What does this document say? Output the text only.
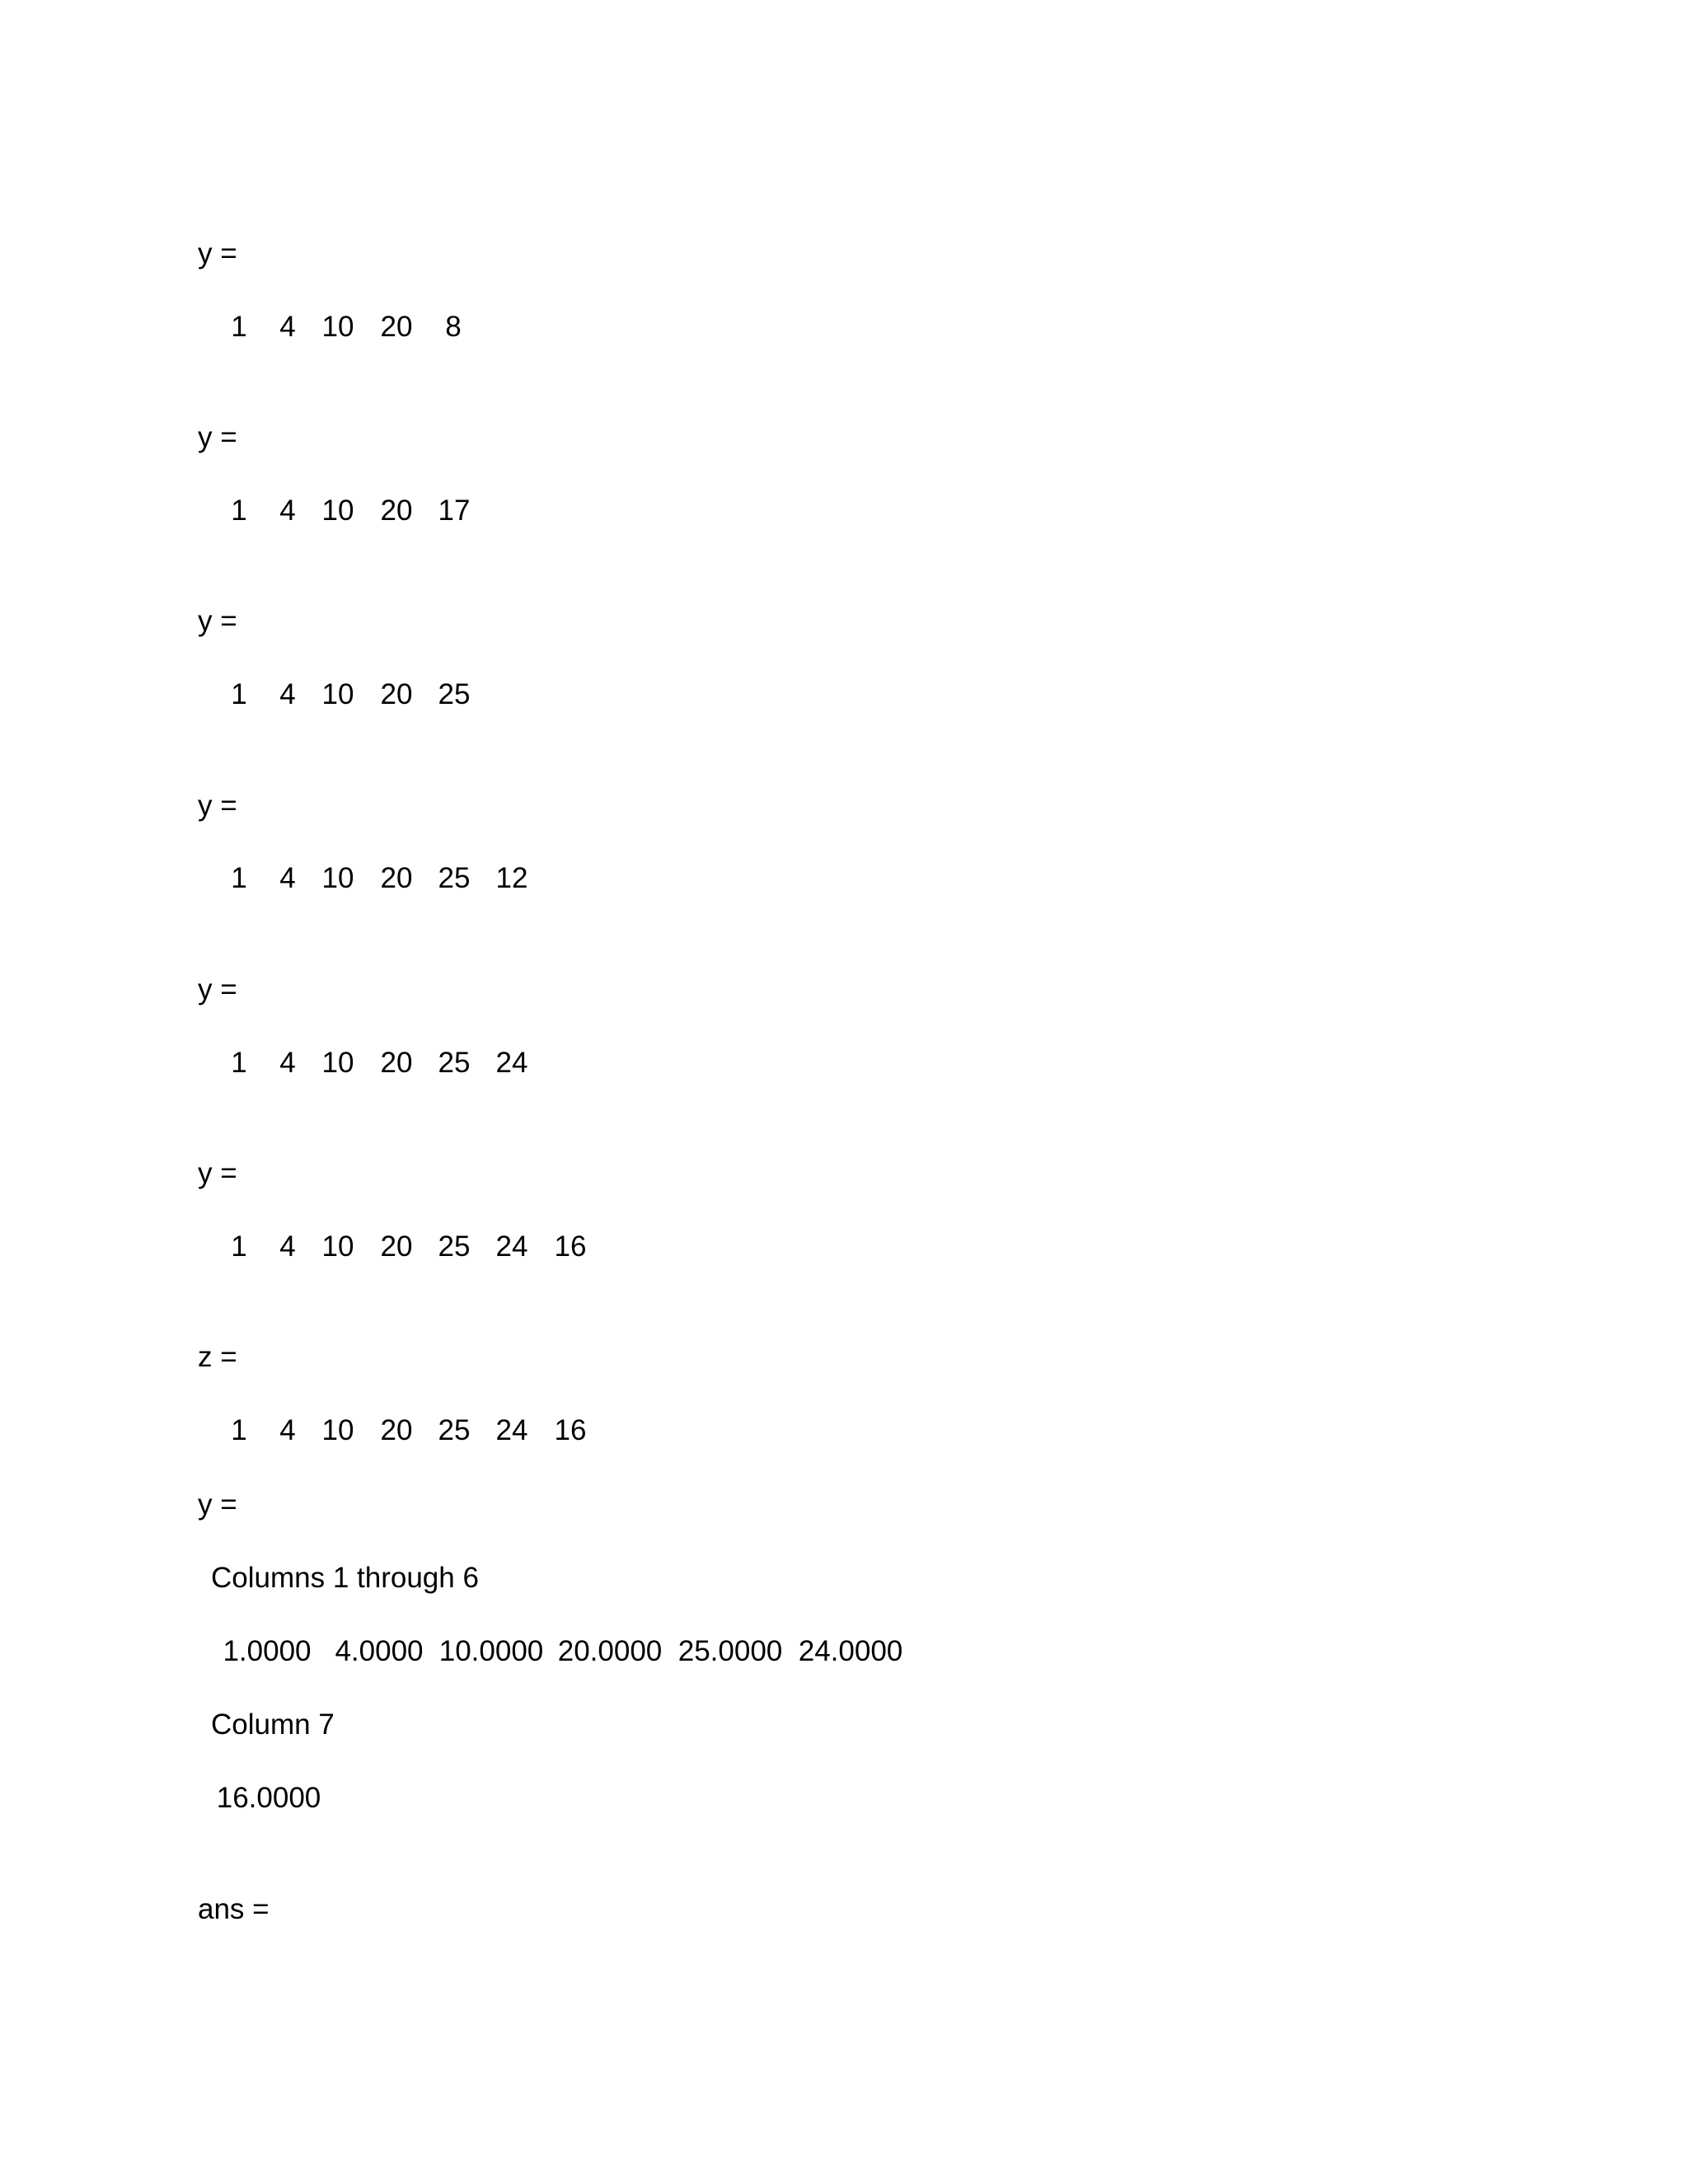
y =
1 4 10 20 8
y =
1 4 10 20 17
y =
1 4 10 20 25
y =
1 4 10 20 25 12
y =
1 4 10 20 25 24
y =
1 4 10 20 25 24 16
z =
1 4 10 20 25 24 16
y =
Columns 1 through 6
1.0000 4.0000 10.0000 20.0000 25.0000 24.0000
Column 7
16.0000
ans =
